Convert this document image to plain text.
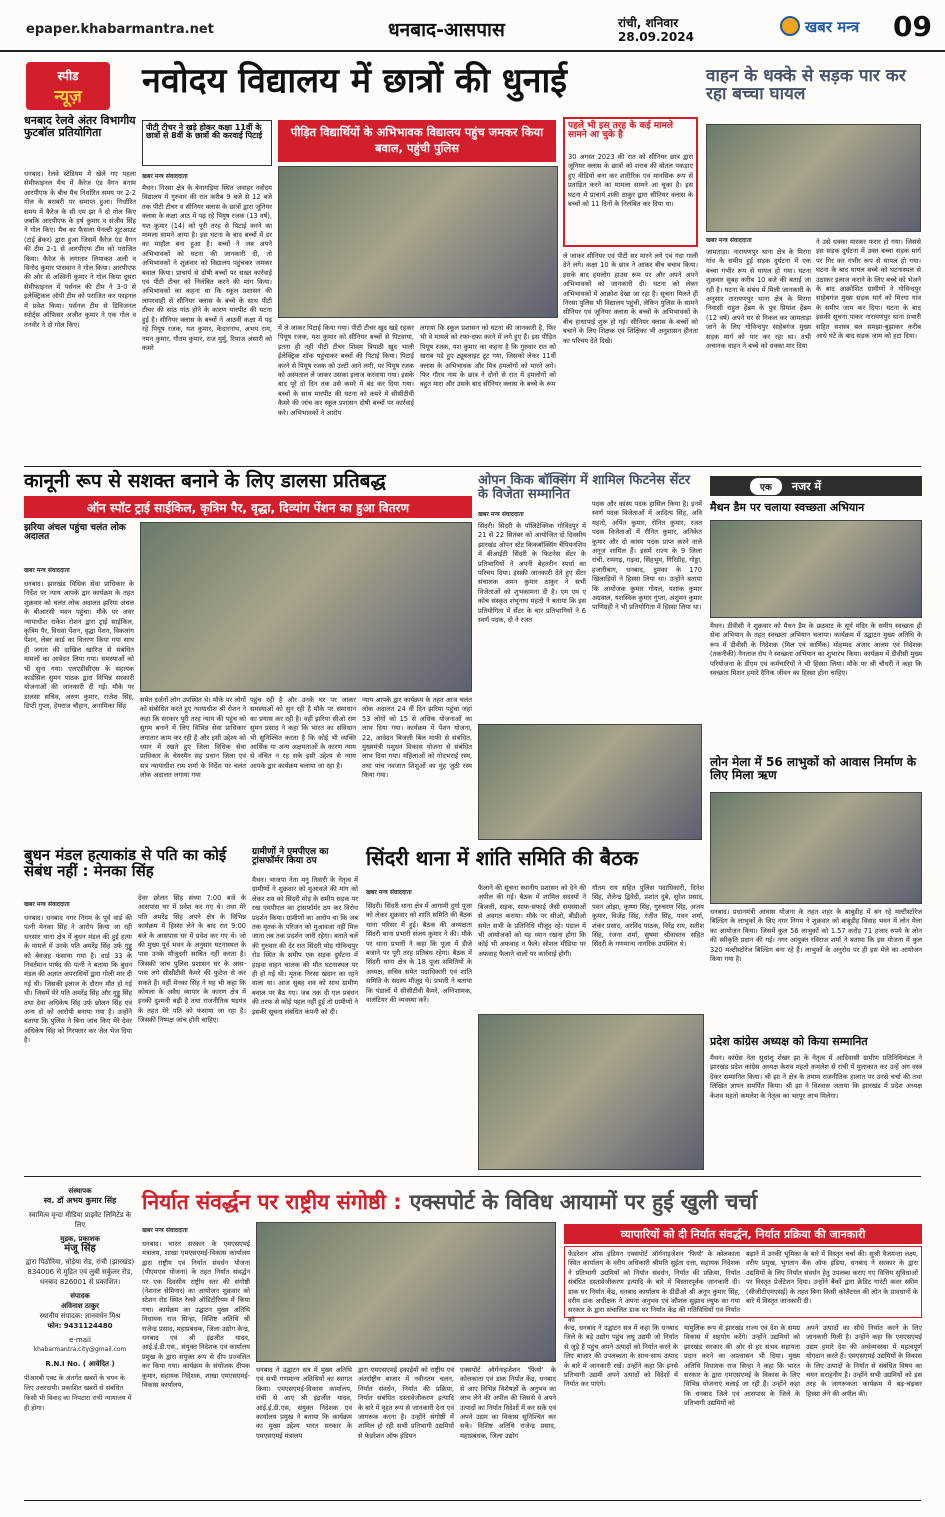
epaper.khabarmantra.net	धनबाद-आसपास	रांची, शनिवार
28.09.2024
खबर मन्त्र 09
स्पीड
न्यूज़
धनबाद रेलवे अंतर विभागीय फुटबॉल प्रतियोगिता
धनबाद। रेलवे स्टेडियम में खेले गए पहला सेमीफाइनल मैच में कैरेज एंड वैगन बनाम आरपीएफ के बीच मैच निर्धारित समय पर 2-2 गोल के बराबरी पर समाप्त हुआ। निर्धारित समय में कैरेज के सी एम झा ने दो गोल किए जबकि आरपीएफ के हर्ष कुमार व संजीव सिंह ने गोल किए। मैच का फैसला पेनल्टी शूटआउट (टाई ब्रेकर) द्वारा हुआ जिसमें कैरेज एंड वैगन की टीम 2-1 से आरपीएफ टीम को पराजित किया। कैरेज के लगातार लियाकत अली व विनोद कुमार पासवान ने गोल किया। आरपीएफ की ओर से अश्विनी कुमार ने गोल किया दूसरा सेमीफाइनल में पर्सनल की टीम ने 3-0 से इलेक्ट्रिकल ऑपी टीम को पराजित कर फाइनल में प्रवेश किया। पर्सनल टीम से डिविजनल स्पोर्ट्स ऑफिसर अजीत कुमार ने एक गोल व तनवीर ने दो गोल किए।
नवोदय विद्यालय में छात्रों की धुनाई
पीटी टीचर ने खड़े होकर कक्षा 11वीं के छात्रों से 8वीं के छात्रों की करवाई पिटाई	पीड़ित विद्यार्थियों के अभिभावक विद्यालय पहुंच जमकर किया बवाल, पहुंची पुलिस
पहले भी इस तरह के कई मामले सामने आ चुके है
30 अगस्त 2023 की रात को सीनियर छात्र द्वारा जूनियर क्लास के छात्रों को शराब की बोतल पकड़ाए हुए वीडियो बना कर शारीरिक एवं मानसिक रूप से प्रताड़ित करने का मामला सामने आ चुका है। इस घटना में प्राचार्य शंकी ठाकुर द्वारा सीनियर क्लास के बच्चों को 11 दिनों के निलंबित कर दिया था।
खबर मन्त्र संवाददाता
मैथन। निरसा क्षेत्र के बेनागड़िया स्थित जवाहर नवोदय विद्यालय में गुरुवार की रात करीब 9 बजे से 12 बजे तक पीटी टीचर व सीनियर क्लास के छात्रों द्वारा जूनियर क्लास के कक्षा आठ में पढ़ रहे पियूष रजक (13 वर्ष), यश कुमार (14) को पूरी तरह से पिटाई करने का मामला सामने आया है। इस घटना के बाद बच्चों में डर का माहौल बना हुआ है। बच्चों ने जब अपने अभिभावकों को घटना की जानकारी दी, तो अभिभावकों ने शुक्रवार को विद्यालय पहुंचकर जमकर बवाल किया। प्राचार्य से दोषी बच्चों पर सख्त कार्रवाई एवं पीटी टीचर को निलंबित करने की मांग किया। अभिभावकों का कहना था कि स्कूल प्रशासन की लापरवाही से सीनियर क्लास के बच्चे के साथ पीटी टीचर की सांठ गांठ होने के कारण मारपीट की घटना हुई है। सीनियर क्लास के बच्चों ने आठवीं कक्षा में पढ़ रहे पियूष रजक, यश कुमार, केदारनाथ, अभय राम, नमन कुमार, गौतम कुमार, राज मुर्मु, रियाज अंसारी को कमरे
में ले जाकर पिटाई किया गया। पीटी टीचर खुद खड़े रहकर पियूष रजक, यश कुमार को सीनियर बच्चों से पिटवाया, इतना ही नहीं पीटी टीचर शिवम त्रिपाठी खुद भाली ईलेक्ट्रिक शॉक पहुंचाकर बच्चों की पिटाई किया। पिटाई करने से पियूष रजक को उल्टी आने लगी, पर पियूष रजक को अस्पताल ले जाकर उसका इलाज करवाया गया। इसके बाद पूरे दो दिन तक उसे कमरे में बंद कर दिया गया। बच्चों के साथ मारपीट की घटना को कमरे में सीसीटीवी कैमरे की जांच कर स्कूल प्रशासन दोषी बच्चों पर कार्रवाई करे। अभिभावकों ने आरोप
लगाया कि स्कूल प्रशासन को घटना की जानकारी है, फिर भी वे मामले को रफा-दफा करने में लगे हुए हैं। इस पीड़ित पियूष रजक, यश कुमार का कहना है कि गुरुवार रात को खराब पड़े हुए ट्यूबलाइट टूट गया, जिसको लेकर 11वीं क्लास के अभिभावक और मित्र हमलोगों को मारने लगे। फिर गौरव नाम के छात्र ने दोनों से रात में हमलोगों को बहुत मारा और उसके बाद सीनियर क्लास के बच्चे के रूम
ले जाकर सीनियर एवं पीटी सर मारने लगे एवं गंदा गाली देने लगे। कक्षा 10 के छात्र ने आकर बीच बचाव किया। इसके बाद हमलोग हाउस रूम पर और अपने अपने अभिभावकों को जानकारी दी। घटना को लेकर अभिभावकों में आक्रोश देखा जा रहा है। सूचना मिलते ही निरसा पुलिस भी विद्यालय पहुंची, लेकिन पुलिस के सामने सीनियर एवं जूनियर क्लास के बच्चों के अभिभावकों के बीच हाथापाई शुरू हो गई। सीनियर क्लास के बच्चों को बचाने के लिए शिक्षक एवं शिक्षिका भी अनुशासन हीनता का परिचय देते दिखे।
वाहन के धक्के से सड़क पार कर रहा बच्चा घायल
खबर मन्त्र संवाददाता
जामताड़ा। नारायणपुर थाना क्षेत्र के मिरगा गांव के समीप हुई सड़क दुर्घटना में एक बच्चा गंभीर रूप से घायल हो गया। घटना शुक्रवार सुबह करीब 10 बजे की बताई जा रही है। घटना के संबंध में मिली जानकारी के अनुसार नारायणपुर थाना क्षेत्र के मिरगा निवासी राहुल हेंब्रम के पुत्र प्रियांश हेंब्रम (12 वर्ष) अपने घर से निकल कर जामताड़ा जाने के लिए गोविन्दपुर साहेबगंज मुख्य सड़क मार्ग को पार कर रहा था। तभी अचानक वाहन ने बच्चे को धक्का मार दिया
ने उसे धक्का मारकर फरार हो गया। जिससे इस सड़क दुर्घटना में उक्त बच्चा सड़क मार्ग पर गिर कर गंभीर रूप से घायल हो गया। घटना के बाद घायल बच्चे को घटनास्थल से उठाकर इलाज कराने के लिए बच्चे को भेजने के बाद आक्रोशित ग्रामीणों ने गोविन्दपुर साहेबगंज मुख्य सड़क मार्ग को मिरगा गांव के समीप जाम कर दिया। घटना के बाद इसकी सूचना पाकर नारायणपुर थाना प्रभारी सहित सशस्त्र बल समझा-बुझाकर करीब आधे घंटे के बाद सड़क जाम को हटा दिया।
कानूनी रूप से सशक्त बनाने के लिए डालसा प्रतिबद्ध
ऑन स्पॉट ट्राई साईकिल, कृत्रिम पैर, वृद्धा, दिव्यांग पेंशन का हुआ वितरण
झरिया अंचल पहुंचा चलंत लोक अदालत
खबर मन्त्र संवाददाता
धनबाद। झारखंड विधिक सेवा प्राधिकार के निर्देश पर न्याय आपके द्वार कार्यक्रम के तहत शुक्रवार को चलंत लोक अदालत झरिया अंचल के बीआरसी भवन पहुंचा। मौके पर अवर न्यायाधीश राकेश रोशन द्वारा ट्राई साईकिल, कृत्रिम पैर, विधवा पेंशन, वृद्धा पेंशन, विकलांग पेंशन, लेबर कार्ड का वितरण किया गया साथ ही जनता की दाखिल खारिज से संबंधित मामलों का आवेदन लिया गया। समस्याओं को भी सुना गया। एलएडीसीएस के सहायक कार्डसिल सुमन पाठक द्वारा विभिन्न सरकारी योजनाओं की जानकारी दी गई। मौके पर डालसा सचिव, अरुण कुमार, राजेश सिंह, डिप्टी गुप्ता, हेमराज चौहान, अनामिका सिंह
समेत दर्जनों लोग उपस्थित थे। मौके पर लोगों को संबोधित करते हुए न्यायाधीश श्री रोशन ने कहा कि सरकार पूरी तरह न्याय की पहुंच को सुगम बनाने में लिए विभिन्न सेवा प्राधिकार लगातार काम कर रही है और इसी उद्देश्य को ध्यान में रखते हुए जिला विधिक सेवा प्राधिकार के चेयरमैन सह प्रधान जिला एवं सत्र न्यायाधीश राम शर्मा के निर्देश पर चलंत लोक अदालत लगाया गया
पहुंच रही है और उनके घर पर जाकर समस्याओं को सुन रही है मौके पर समाधान का प्रयास कर रही है। वहीं झरिया सीओ राम सुमन प्रसाद ने कहा कि भारत का संविधान भी सुनिश्चित करता है कि कोई भी व्यक्ति आर्थिक या अन्य अक्षमताओं के कारण न्याय से वंचित न रह सके इसी उद्देश्य से न्याय आपके द्वार कार्यक्रम चलाया जा रहा है।
न्याय आपके द्वार कार्यक्रम के तहत आज चलंत लोक अदालत 24 वीं दिन झरिया पहुंचा जहां 53 लोगों को 15 से अधिक योजनाओं का लाभ दिया गया। कार्यक्रम में पेंशन योजना, 22, आवेदन बिजली बिल माफी से संबंधित, मुख्यमंत्री पशुधन विकास योजना से संबंधित लाभ दिया गया। महिलाओं को गोदभराई रस्म, तथा पांच नवजात शिशुओं का मुंह जुठी रस्म किया गया।
ओपन किक बॉक्सिंग में शामिल फिटनेस सेंटर के विजेता सम्मानित
खबर मन्त्र संवाददाता
सिंदरी। सिंदरी के पॉलिटेक्निक गोविंदपुर में 21 से 22 सितंबर को आयोजित दो दिवसीय झारखंड ओपन स्टेट किकबॉक्सिंग चैंपियनशिप में बीआईटी सिंदरी के फिटनेस सेंटर के प्रतिभागियों ने अपनी बेहतरीन स्पर्धा का परिचय दिया। इसकी जानकारी देते हुए सेंटर संचालक अमन कुमार ठाकुर ने सभी विजेताओं को शुभकामना दी है। एम एम ए कोच संस्कृत शंभूनाथ महतो ने बताया कि इस प्रतियोगिता में सेंटर के चार प्रतिभागियों ने 6 स्वर्ण पदक, दो ने रजत
पदक और कांस्य पदक हासिल किया है। इनमें स्वर्ण पदक विजेताओं में आदित्य सिंह, अवि महतो, अर्पित कुमार, रोनित कुमार, रजत पदक विजेताओं में रौनित कुमार, अनिकेत कुमार और दो कांस्य पदक प्राप्त करने वाले अनूज शामिल हैं। इसमें राज्य के 9 जिला रांची, रामगढ़, गढ़वा, सिंहभूम, गिरिडीह, गोड्डा, हजारीबाग, धनबाद, दुमका के 170 खिलाड़ियों ने हिस्सा लिया था। उन्होंने बताया कि आयोजक कुमार गोयल, यशांक कुमार अग्रवाल, यशस्विक कुमार गुप्ता, अंशुमन कुमार पाणिग्रही ने भी प्रतियोगिता में हिस्सा लिया था।
बुधन मंडल हत्याकांड से पति का कोई संबंध नहीं : मेनका सिंह
खबर मन्त्र संवाददाता
धनबाद। धनबाद नगर निगम के पूर्व वार्ड की पत्नी मेनका सिंह ने आरोप किया जा रही धनसार थाना क्षेत्र में बुधन मंडल की हुई हत्या के मामले में उनके पति अमरेंद्र सिंह उर्फ गुड्डू को बेवजह फंसाया गया है। वार्ड 33 के निवर्तमान पार्षद की पत्नी ने बताया कि बुधन मंडल की अज्ञात अपराधियों द्वारा गोली मार दी गई थी। जिसकी इलाज के दौरान मौत हो गई थी। जिसमें मेरे पति अमरेंद्र सिंह और गुड्डू सिंह तथा देवा अधिकेष सिंह उर्फ छोलन सिंह एवं अन्य दो को आरोपी बनाया गया है। उन्होंने बताया कि पुलिस ने बिना जांच किए मेरे देवर अधिकेष सिंह को गिरफ्तार कर जेल भेज दिया है।
देवर छोलन सिंह संध्या 7:00 बजे के आसपास घर में प्रवेश कर गए थे। तथा मेरे पति अमरेंद्र सिंह अपने क्षेत्र के विभिन्न कार्यक्रम में हिस्सा लेने के बाद रात 9:00 बजे के आसपास घर में प्रवेश कर गए थे। जो की मुख्य पूर्व भवन के अनुसार घटनास्थल के पास उनके मौजूदगी साबित नहीं करता है। जिसकी जांच पुलिस प्रशासन घर के आस-पास लगे सीसीटीवी कैमरे की फुटेज से कर सकते हैं। वहीं मेनका सिंह ने यह भी कहा कि कोयला के अवैध व्यापार के कारण क्षेत्र में इनकी दुश्मनी बढ़ी है तथा राजनीतिक षड़यंत्र के तहत मेरे पति को फंसाया जा रहा है। जिसकी निष्पक्ष जांच होनी चाहिए।
ग्रामीणों ने एमपीएल का ट्रांसफॉर्मर किया ठप
मैथन। भाजपा नेता मनु तिवारी के नेतृत्व में ग्रामीणों ने शुक्रवार को मुआवजे की मांग को लेकर शव को सिंदरी मोड़ के समीप सड़क पर रख एमपीएल का ट्रांसफॉर्मर ठप कर विरोध प्रदर्शन किया। ग्रामीणों का आरोप था कि जब तक मृतक के परिजन को मुआवजा नहीं मिल जाता तब तक प्रदर्शन जारी रहेगा। बताते चलें की गुरुवार की देर रात सिंदरी मोड़ गोविन्दपुर रोड स्थित के समीप एक सड़क दुर्घटना में हाइवा वाहन चालक की मौत घटनास्थल पर ही हो गई थी। मृतक निरसा खदान का रहने वाला था। आज सुबह शव को साथ ग्रामीण बवाल पर बैठ गए। जब तक दी एल प्रबंधन की तरफ से कोई पहल नहीं हुई तो ग्रामीणों ने इसकी सूचना संबंधित कंपनी को दी।
सिंदरी थाना में शांति समिति की बैठक
खबर मन्त्र संवाददाता
सिंदरी। सिंदरी थाना क्षेत्र में आगामी दुर्गा पूजा को लेकर शुक्रवार को शांति समिति की बैठक थाना परिसर में हुई। बैठक की अध्यक्षता सिंदरी थाना प्रभारी संजय कुमार ने की। मौके पर थाना प्रभारी ने कहा कि पूजा में डीजे बजाने पर पूरी तरह प्रतिबंध रहेगा। बैठक में सिंदरी थाना क्षेत्र के 18 पूजा समितियों के अध्यक्ष, सचिव समेत पदाधिकारी एवं शांति समिति के सदस्य मौजूद थे। प्रभारी ने बताया कि पंडालों में सीसीटीवी कैमरे, अग्निशामक, वालंटियर की व्यवस्था करें।
फैलाने की सूचना स्थानीय प्रशासन को देने की अपील की गई। बैठक में शामिल सदस्यों ने बिजली, सड़क, साफ-सफाई जैसी समस्याओं से अवगत कराया। मौके पर सीओ, बीडीओ समेत सभी के प्रतिनिधि मौजूद रहे। पंडाल में भी आयोजकों को यह ध्यान रखना होगा कि कोई भी अफवाह न फैले। सोशल मीडिया पर अफवाह फैलाने वालों पर कार्रवाई होगी।
गौतम राय सहित पुलिस पदाधिकारी, दिनेश सिंह, शैलेन्द्र द्विवेदी, प्रशांत दुबे, सुरेश प्रसाद, पवन ओझा, कृष्णा सिंह, गुरुचरण सिंह, अजय कुमार, विजेंद्र सिंह, रंजीत सिंह, पवन शर्मा, शंकर प्रसाद, अरविंद पाठक, विरेंद्र राय, सतीश सिंह, रंजना शर्मा, सुषमा श्रीवास्तव सहित सिंदरी के गणमान्य नागरिक उपस्थित थे।
एक	नजर में
मैथन डैम पर चलाया स्वच्छता अभियान
मैथन। डीवीसी ने शुक्रवार को मैथन डैम के छठवाट के सूर्य मंदिर के समीप स्वच्छता ही सेवा अभियान के तहत स्वच्छता अभियान चलाया। कार्यक्रम में उद्घाटन मुख्य अतिथि के रूप में डीवीसी के निदेशक (मिल एवं कार्मिक) मोहम्मद अंजार आलम एवं निदेशक (तकनीकी) नैनताज रॉय ने स्वच्छता अभियान का शुभारंभ किया। कार्यक्रम में डीवीसी मुख्य परियोजना के डीएम एवं कर्मचारियों ने भी हिस्सा लिया। मौके पर श्री चौधरी ने कहा कि स्वच्छता मिशन हमारे दैनिक जीवन का हिस्सा होना चाहिए।
लोन मेला में 56 लाभुकों को आवास निर्माण के लिए मिला ऋण
धनबाद। प्रधानमंत्री आवास योजना के तहत शहर के बाबूडीह में बन रहे मल्टीस्टोरेज बिल्डिंग के लाभुकों के लिए नगर निगम ने शुक्रवार को बाबूडीह विवाह भवन में लोन मेला का आयोजन किया। जिसमें कुल 56 लाभुकों को 1.57 करोड़ 71 हजार रुपये के लोन की स्वीकृति प्रदान की गई। नगर आयुक्त रविराज शर्मा ने बताया कि इस योजना में कुल 320 मल्टीस्टोरेज बिल्डिंग बना रहे हैं। लाभुकों के अनुरोध पर ही इस मेले का आयोजन किया गया है।
प्रदेश कांग्रेस अध्यक्ष को किया सम्मानित
मैथन। कांग्रेस नेता सुधांशु शेखर झा के नेतृत्व में आदिवासी ग्रामीण प्रतिनिधिमंडल ने झारखंड प्रदेश कांग्रेस अध्यक्ष केशव महतो कमलेश से रांची में मुलाकात कर उन्हें अंग वस्त्र देकर सम्मानित किया। श्री झा ने क्षेत्र के तमाम राजनीतिक हालात पर उनसे चर्चा की तथा लिखित ज्ञापन समर्पित किया। श्री झा ने विश्वास जताया कि झारखंड में प्रदेश अध्यक्ष केशव महतो कमलेश के नेतृत्व का भरपूर लाभ मिलेगा।
संस्थापक
स्व. डॉ अभय कुमार सिंह
स्वामित्व वृन्दा मीडिया प्राइवेट लिमिटेड के लिए
मुद्रक, प्रकाशक
मंजू सिंह
द्वारा पिठौरिया, चोड़ेया रोड, रांची (झारखंड) 834006 से मुद्रित एवं लुबी सर्कुलर रोड, धनबाद 826001 से प्रकाशित।
संपादक
अविनाश ठाकुर
स्थानीय संपादक: ज्ञानवर्धन मिश्र
फोन: 9431124480
e-mail
khabarmantra.city@gmail.com
R.N.I No. ( आवेदित )
पीआरबी एक्ट के अंतर्गत खबरों के चयन के लिए उत्तरदायी। प्रकाशित खबरों से संबंधित किसी भी विवाद का निपटारा रांची न्यायालय में ही होगा।
निर्यात संवर्द्धन पर राष्ट्रीय संगोष्ठी : एक्सपोर्ट के विविध आयामों पर हुई खुली चर्चा
खबर मन्त्र संवाददाता
धनबाद। भारत सरकार के एमएसएमई मंत्रालय, शाखा एमएसएमई-विकास कार्यालय द्वारा राष्ट्रीय एवं निर्यात संवर्धन योजना (पीएमएस योजना) के तहत निर्यात संवर्द्धन पर एक दिवसीय राष्ट्रीय स्तर की संगोष्ठी (नेशनल सेमिनार) का आयोजन शुक्रवार को स्टेशन रोड स्थित रेलवे ऑडिटोरियम में किया गया। कार्यक्रम का उद्घाटन मुख्य अतिथि विधायक राज सिन्हा, विशिष्ट अतिथि श्री राजेन्द्र प्रसाद, महाप्रबंधक, जिला उद्योग केन्द्र, धनबाद एवं श्री इंद्रजीत यादव, आई.ई.डी.एस., संयुक्त निदेशक एवं कार्यालय प्रमुख के द्वारा संयुक्त रूप से दीप प्रज्वलित कर किया गया। कार्यक्रम के संयोजक दीपक कुमार, सहायक निदेशक, शाखा एमएसएमई-विकास कार्यालय,
धनबाद ने उद्घाटन सत्र में मुख्य अतिथि एवं सभी गणमान्य अतिथियों का स्वागत किया। एमएसएमई-विकास कार्यालय, रांची से आए श्री इंद्रजीत यादव, आई.ई.डी.एस, संयुक्त निदेशक एवं कार्यालय प्रमुख ने बताया कि कार्यक्रम का मुख्य उद्देश्य भारत सरकार के एमएसएमई मंत्रालय
द्वारा एमएसएमई इकाईयों को राष्ट्रीय एवं अंतर्राष्ट्रीय बाजार में नवीनतम चलन, निर्यात संवर्धन, निर्यात की प्रक्रिया, निर्यात संबंधित दस्तावेजीकरण इत्यादि के बारे में वृहत रूप से जानकारी देना एवं जागरूक करना है। उन्होंने संगोष्ठी में शामिल हो रही सभी प्रतिभागी उद्यमियों से फेडरेशन ऑफ इंडियन
एक्सपोर्ट ऑर्गनाइजेशन 'फियो' के कोलकाता एवं डाक निर्यात केंद्र, धनबाद से आए विभिन्न विशेषज्ञों के अनुभव का लाभ लेने की अपील की जिससे वे अपने उत्पादों का निर्यात विदेशों में कर सकें एवं अपने उद्यम का विकास सुनिश्चित कर सकें। विशिष्ट अतिथि राजेन्द्र प्रसाद, महाप्रबंधक, जिला उद्योग
व्यापारियों को दी निर्यात संवर्द्धन, निर्यात प्रक्रिया की जानकारी
फेडरेशन ऑफ इंडियन एक्सपोर्ट ऑर्गनाइजेशन 'फियो' के कोलकाता स्थित कार्यालय के वरीय अधिकारी श्रीमति सुईता दत्ता, सहायक निदेशक ने प्रतिभागी उद्यमियों को निर्यात संवर्धन, निर्यात की प्रक्रिया, निर्यात संबंधित दस्तावेजीकरण इत्यादि के बारे में विस्तारपूर्वक जानकारी दी। डाक घर निर्यात केंद्र, धनबाद कार्यालय के डीडीओ श्री अनूप कुमार सिंह, वरीय डाक अधीक्षक ने अपना अनुभव एवं कौशल सुझाव ल्युफ का गया सरकार के द्वारा संचालित डाक घर निर्यात केंद्र की गतिविधियों एवं निर्यात को
बढ़ाने में उनकी भूमिका के बारे में विस्तृत चर्चा की। सुश्री वैजयन्ता लक्ष्य, वरीय प्रमुख, भुगतान बैंक ऑफ इंडिया, धनबाद ने सरकार के द्वारा उद्यमियों के लिए निर्यात संवर्धन हेतु उपलब्ध कराए गए वित्तिय सुविधाओं पर विस्तृत प्रेजेंटेशन दिया। उन्होंने बैंकों द्वारा क्रेडिट गारंटी कवर स्कीम (सीजीटीएमएसई) के तहत बिना किसी कोलैटरल की लोन के प्रावधानों के बारे में विस्तृत जानकारी दी।
केन्द्र, धनबाद ने उद्घाटन सत्र में कहा कि धनबाद जिले के बड़े उद्योग पहुंच लघु उद्यमी जो निर्यात से जुड़े हैं पहुंच अपने उत्पादों को निर्यात करने के लिए बाजार की उपलब्धता के साथ-साथ उत्पाद के बारे में जानकारी रखें। उन्होंने कहा कि इनसे प्रतिभागी उद्यमी अपने उत्पादों को विदेशों में निर्यात कर पाएंगे।
यामुलिक रूप से झारखंड राज्य एवं देश के समग्र विकास में सहयोग करेंगे। उन्होंने उद्यमियों को झारखंड सरकार की ओर से हर संभव सहायता प्रदान करने का आश्वासन भी दिया। मुख्य अतिथि विधायक राज सिन्हा ने कहा कि भारत सरकार के द्वारा एमएसएमई के विकास के लिए विभिन्न योजनाएं चलाई जा रही हैं। उन्होंने कहा कि धनबाद जिले एवं आसपास के जिले के प्रतिभागी उद्यमियों को
अपने उत्पादों का सीधे निर्यात करने के लिए जानकारी मिली है। उन्होंने कहा कि एमएसएमई उद्यम हमारे देश की अर्थव्यवस्था में महत्वपूर्ण योगदान करते हैं। एमएसएमई उद्यमियों के विकास के लिए उत्पादों के निर्यात से संबंधित विषय का चयन सराहनीय है। उन्होंने सभी उद्यमियों को इस तरह के जागरूकता कार्यक्रम में बढ़-चढ़कर हिस्सा लेने की अपील की।
